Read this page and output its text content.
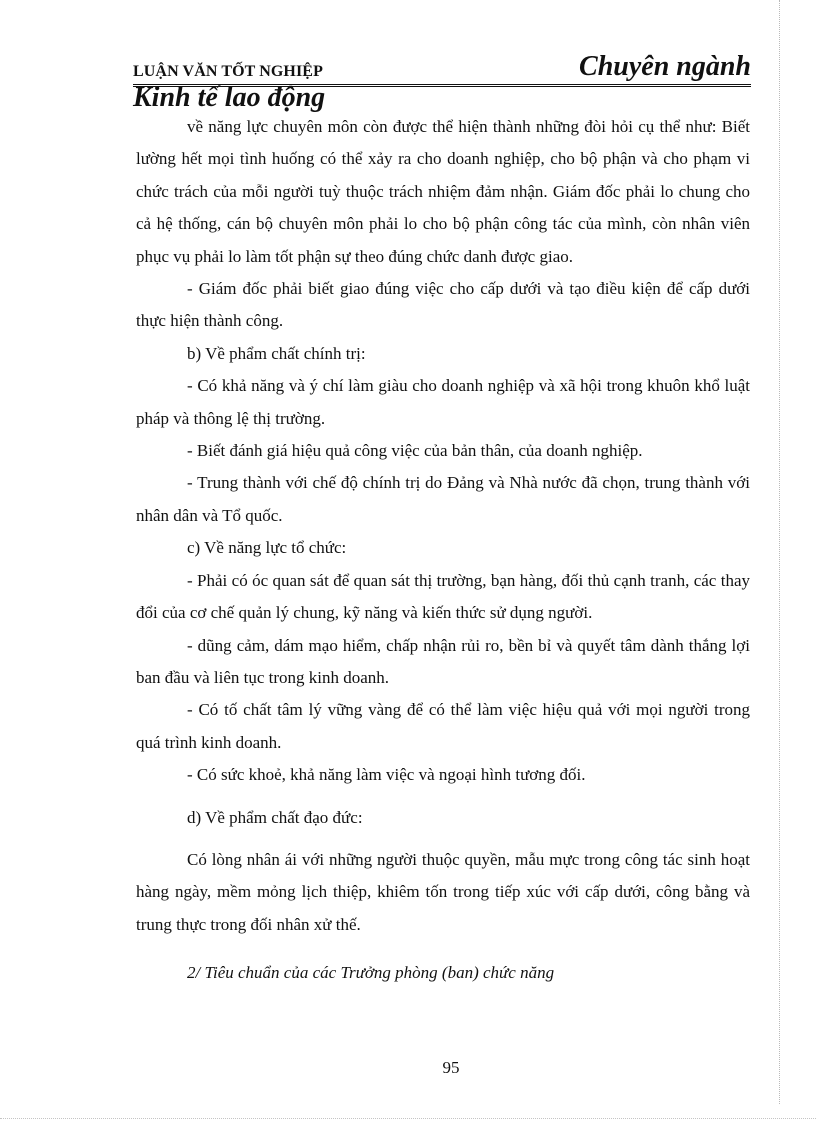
LUẬN VĂN TỐT NGHIỆP	Chuyên ngành
Kinh tế lao động

về năng lực chuyên môn còn được thể hiện thành những đòi hỏi cụ thể như: Biết lường hết mọi tình huống có thể xảy ra cho doanh nghiệp, cho bộ phận và cho phạm vi chức trách của mỗi người tuỳ thuộc trách nhiệm đảm nhận. Giám đốc phải lo chung cho cả hệ thống, cán bộ chuyên môn phải lo cho bộ phận công tác của mình, còn nhân viên phục vụ phải lo làm tốt phận sự theo đúng chức danh được giao.

- Giám đốc phải biết giao đúng việc cho cấp dưới và tạo điều kiện để cấp dưới thực hiện thành công.

b) Về phẩm chất chính trị:

- Có khả năng và ý chí làm giàu cho doanh nghiệp và xã hội trong khuôn khổ luật pháp và thông lệ thị trường.

- Biết đánh giá hiệu quả công việc của bản thân, của doanh nghiệp.

- Trung thành với chế độ chính trị do Đảng và Nhà nước đã chọn, trung thành với nhân dân và Tổ quốc.

c) Về năng lực tổ chức:

- Phải có óc quan sát để quan sát thị trường, bạn hàng, đối thủ cạnh tranh, các thay đổi của cơ chế quản lý chung, kỹ năng và kiến thức sử dụng người.

- dũng cảm, dám mạo hiểm, chấp nhận rủi ro, bền bỉ và quyết tâm dành thắng lợi ban đầu và liên tục trong kinh doanh.

- Có tố chất tâm lý vững vàng để có thể làm việc hiệu quả với mọi người trong quá trình kinh doanh.

- Có sức khoẻ, khả năng làm việc và ngoại hình tương đối.

d) Về phẩm chất đạo đức:

Có lòng nhân ái với những người thuộc quyền, mẫu mực trong công tác sinh hoạt hàng ngày, mềm mỏng lịch thiệp, khiêm tốn trong tiếp xúc với cấp dưới, công bằng và trung thực trong đối nhân xử thế.

2/ Tiêu chuẩn của các Trưởng phòng (ban) chức năng

95
